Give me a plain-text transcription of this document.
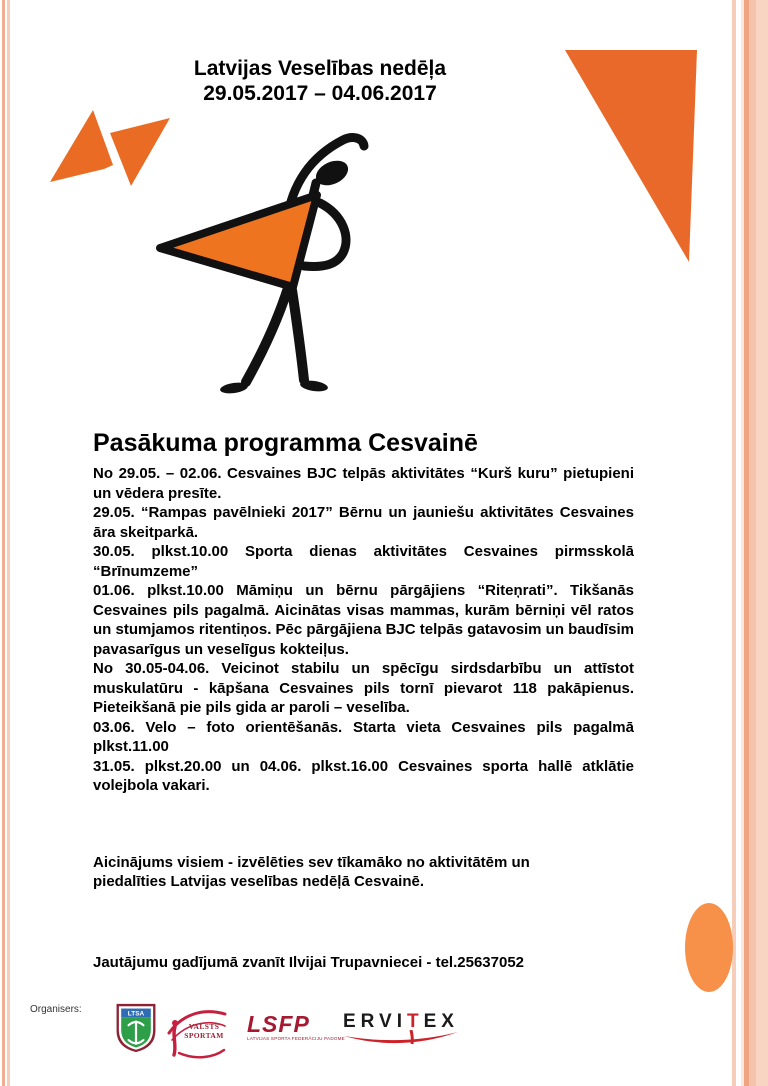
Latvijas Veselības nedēļa
29.05.2017 – 04.06.2017
Pasākuma programma Cesvainē

No 29.05. – 02.06. Cesvaines BJC telpās aktivitātes “Kurš kuru” pietupieni un vēdera presīte.

29.05. “Rampas pavēlnieki 2017” Bērnu un jauniešu aktivitātes Cesvaines āra skeitparkā.

30.05. plkst.10.00 Sporta dienas aktivitātes Cesvaines pirmsskolā “Brīnumzeme”

01.06. plkst.10.00 Māmiņu un bērnu pārgājiens “Riteņrati”. Tikšanās Cesvaines pils pagalmā. Aicinātas visas mammas, kurām bērniņi vēl ratos un stumjamos ritentiņos. Pēc pārgājiena BJC telpās gatavosim un baudīsim pavasarīgus un veselīgus kokteiļus.

No 30.05-04.06. Veicinot stabilu un spēcīgu sirdsdarbību un attīstot muskulatūru - kāpšana Cesvaines pils tornī pievarot 118 pakāpienus. Pieteikšanā pie pils gida ar paroli – veselība.

03.06. Velo – foto orientēšanās. Starta vieta Cesvaines pils pagalmā plkst.11.00

31.05. plkst.20.00 un 04.06. plkst.16.00 Cesvaines sporta hallē atklātie volejbola vakari.

Aicinājums visiem - izvēlēties sev tīkamāko no aktivitātēm un piedalīties Latvijas veselības nedēļā Cesvainē.

Jautājumu gadījumā zvanīt Ilvijai Trupavniecei - tel.25637052

Organisers:	LTSA
VALSTS
SPORTAM LSFP
LATVIJAS SPORTA FEDERĀCIJU PADOME
ERVITEX
